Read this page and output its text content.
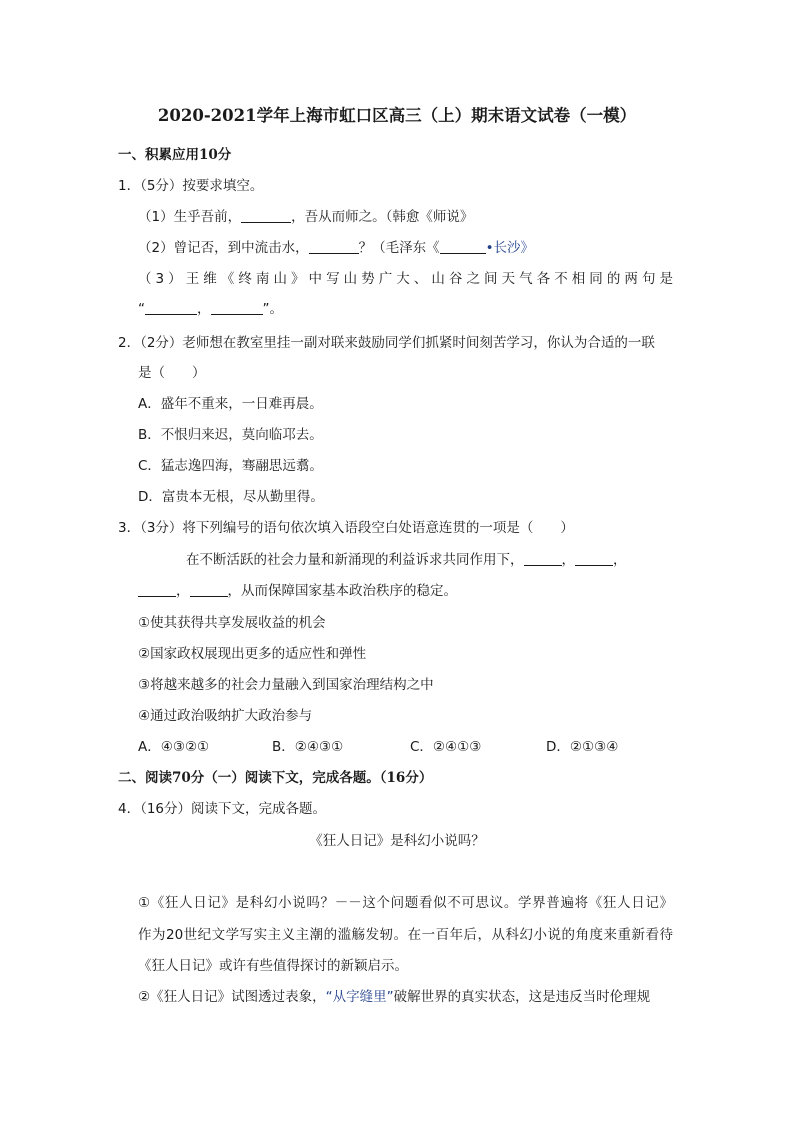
2020-2021学年上海市虹口区高三（上）期末语文试卷（一模）
一、积累应用10分
1．（5分）按要求填空。
（1）生乎吾前，	，吾从而师之。（韩愈《师说》
（2）曾记否，到中流击水，	？（毛泽东《	•长沙》
（3）王维《终南山》中写山势广大、山谷之间天气各不相同的两句是
“	，	”。
2．（2分）老师想在教室里挂一副对联来鼓励同学们抓紧时间刻苦学习，你认为合适的一联
是（　　）
A．盛年不重来，一日难再晨。
B．不恨归来迟，莫向临邛去。
C．猛志逸四海，骞翮思远翥。
D．富贵本无根，尽从勤里得。
3．（3分）将下列编号的语句依次填入语段空白处语意连贯的一项是（　　）
在不断活跃的社会力量和新涌现的利益诉求共同作用下，	，	，
，	，从而保障国家基本政治秩序的稳定。
①使其获得共享发展收益的机会
②国家政权展现出更多的适应性和弹性
③将越来越多的社会力量融入到国家治理结构之中
④通过政治吸纳扩大政治参与
A．④③②①	B．②④③①	C．②④①③	D．②①③④
二、阅读70分（一）阅读下文，完成各题。（16分）
4．（16分）阅读下文，完成各题。
《狂人日记》是科幻小说吗？
①《狂人日记》是科幻小说吗？－－这个问题看似不可思议。学界普遍将《狂人日记》
作为20世纪文学写实主义主潮的滥觞发轫。在一百年后，从科幻小说的角度来重新看待
《狂人日记》或许有些值得探讨的新颖启示。
②《狂人日记》试图透过表象，“从字缝里”破解世界的真实状态，这是违反当时伦理规
